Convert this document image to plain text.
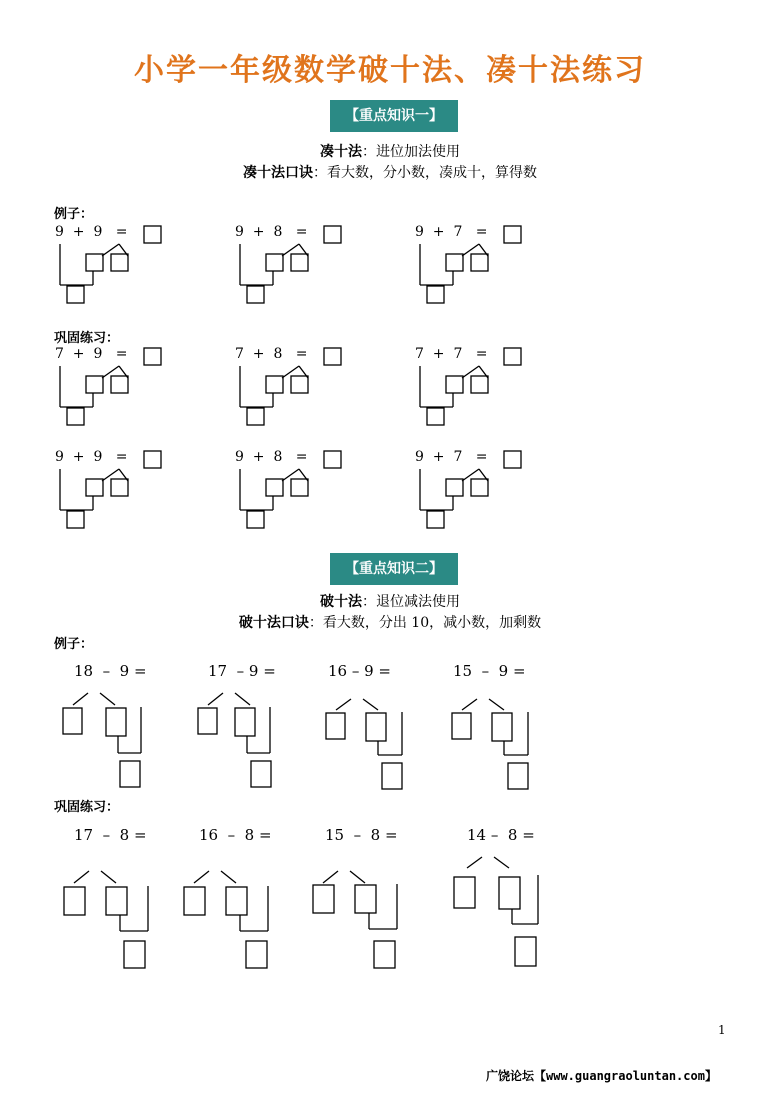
小学一年级数学破十法、凑十法练习
【重点知识一】
凑十法：进位加法使用
凑十法口诀：看大数，分小数，凑成十，算得数
例子：
9  +  9   =	9  +  8   =	9  +  7   =
巩固练习：
7  +  9   =	7  +  8   =	7  +  7   =
9  +  9   =	9  +  8   =	9  +  7   =
【重点知识二】
破十法：退位减法使用
破十法口诀：看大数，分出 10，减小数，加剩数
例子：
18  –  9 =	17  – 9 =	16 – 9 =	15  –  9 =
巩固练习：
17  –  8 =	16  –  8 =	15  –  8 =	14 –  8 =
1
广饶论坛【www.guangraoluntan.com】
